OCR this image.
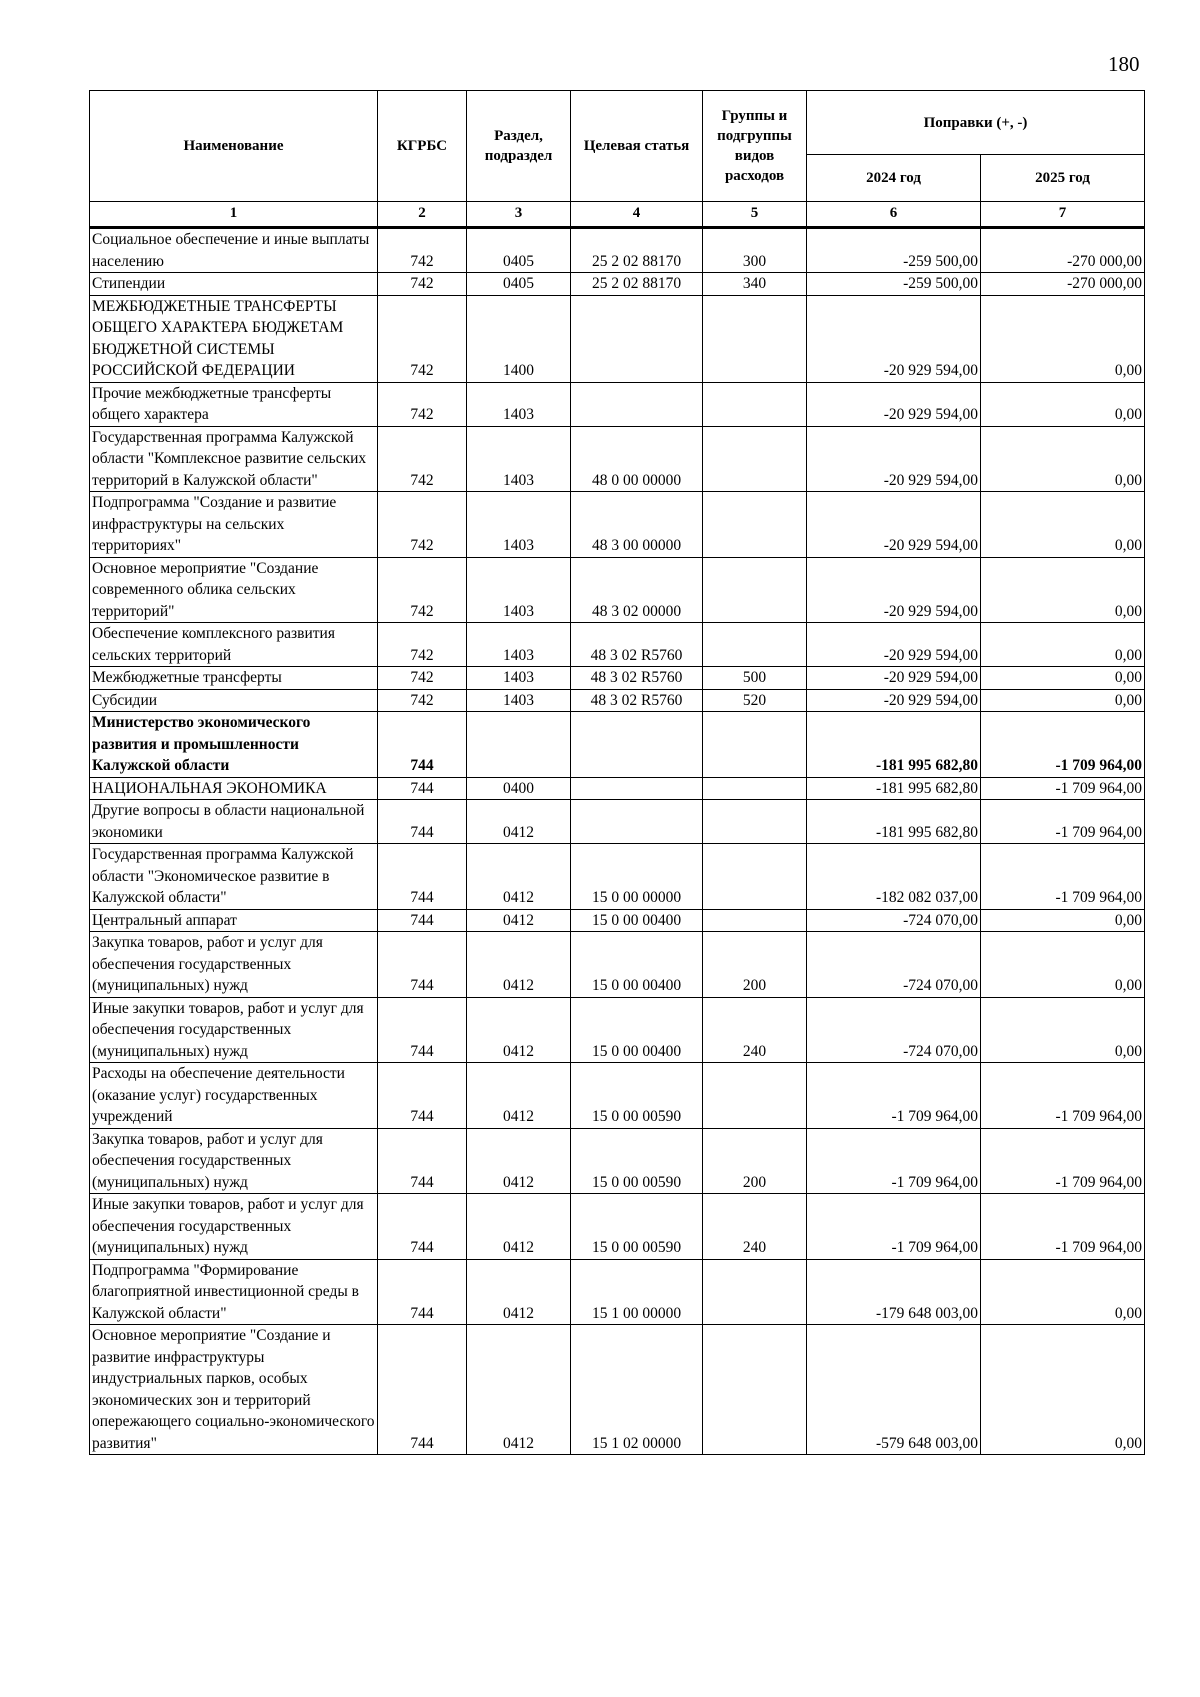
180
Наименование	КГРБС	Раздел, подраздел	Целевая статья	Группы и подгруппы видов расходов	Поправки (+, -)	
					2024 год	2025 год
1	2	3	4	5	6	7
Социальное обеспечение и иные выплаты населению	742	0405	25 2 02 88170	300	-259 500,00	-270 000,00
Стипендии	742	0405	25 2 02 88170	340	-259 500,00	-270 000,00
МЕЖБЮДЖЕТНЫЕ ТРАНСФЕРТЫ ОБЩЕГО ХАРАКТЕРА БЮДЖЕТАМ БЮДЖЕТНОЙ СИСТЕМЫ РОССИЙСКОЙ ФЕДЕРАЦИИ	742	1400			-20 929 594,00	0,00
Прочие межбюджетные трансферты общего характера	742	1403			-20 929 594,00	0,00
Государственная программа Калужской области "Комплексное развитие сельских территорий в Калужской области"	742	1403	48 0 00 00000		-20 929 594,00	0,00
Подпрограмма "Создание и развитие инфраструктуры на сельских территориях"	742	1403	48 3 00 00000		-20 929 594,00	0,00
Основное мероприятие "Создание современного облика сельских территорий"	742	1403	48 3 02 00000		-20 929 594,00	0,00
Обеспечение комплексного развития сельских территорий	742	1403	48 3 02 R5760		-20 929 594,00	0,00
Межбюджетные трансферты	742	1403	48 3 02 R5760	500	-20 929 594,00	0,00
Субсидии	742	1403	48 3 02 R5760	520	-20 929 594,00	0,00
Министерство экономического развития и промышленности Калужской области	744				-181 995 682,80	-1 709 964,00
НАЦИОНАЛЬНАЯ ЭКОНОМИКА	744	0400			-181 995 682,80	-1 709 964,00
Другие вопросы в области национальной экономики	744	0412			-181 995 682,80	-1 709 964,00
Государственная программа Калужской области "Экономическое развитие в Калужской области"	744	0412	15 0 00 00000		-182 082 037,00	-1 709 964,00
Центральный аппарат	744	0412	15 0 00 00400		-724 070,00	0,00
Закупка товаров, работ и услуг для обеспечения государственных (муниципальных) нужд	744	0412	15 0 00 00400	200	-724 070,00	0,00
Иные закупки товаров, работ и услуг для обеспечения государственных (муниципальных) нужд	744	0412	15 0 00 00400	240	-724 070,00	0,00
Расходы на обеспечение деятельности (оказание услуг) государственных учреждений	744	0412	15 0 00 00590		-1 709 964,00	-1 709 964,00
Закупка товаров, работ и услуг для обеспечения государственных (муниципальных) нужд	744	0412	15 0 00 00590	200	-1 709 964,00	-1 709 964,00
Иные закупки товаров, работ и услуг для обеспечения государственных (муниципальных) нужд	744	0412	15 0 00 00590	240	-1 709 964,00	-1 709 964,00
Подпрограмма "Формирование благоприятной инвестиционной среды в Калужской области"	744	0412	15 1 00 00000		-179 648 003,00	0,00
Основное мероприятие "Создание и развитие инфраструктуры индустриальных парков, особых экономических зон и территорий опережающего социально-экономического развития"	744	0412	15 1 02 00000		-579 648 003,00	0,00
